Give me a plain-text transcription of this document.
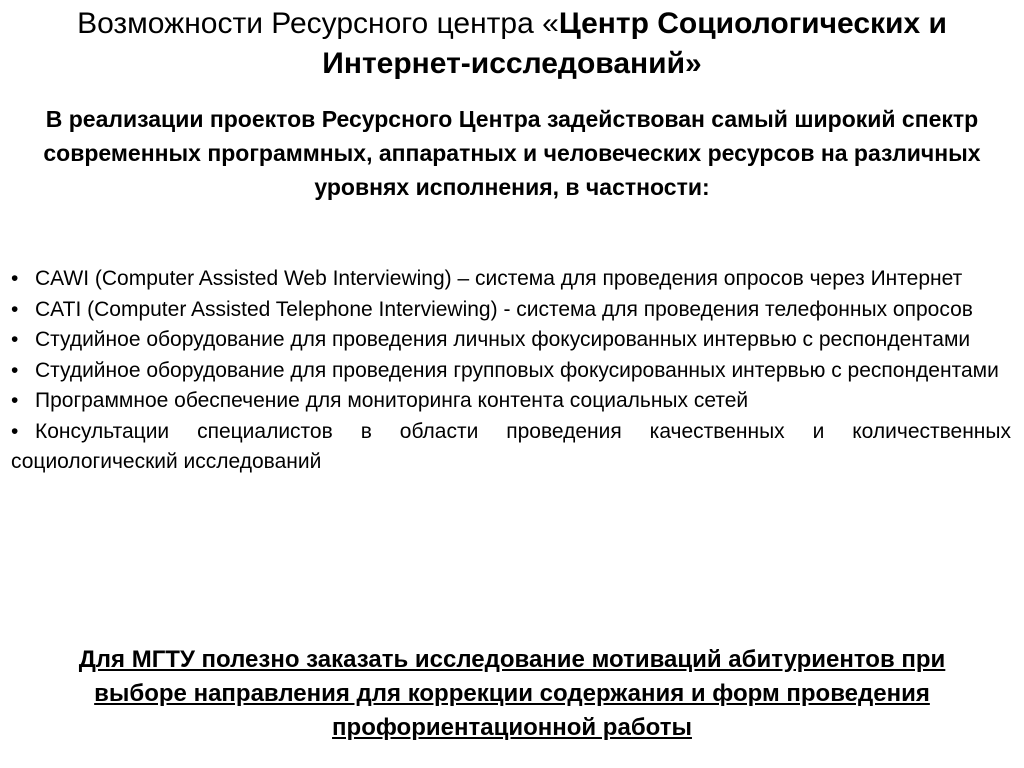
Возможности Ресурсного центра «Центр Социологических и Интернет-исследований»
В реализации проектов Ресурсного Центра задействован самый широкий спектр современных программных, аппаратных и человеческих ресурсов на различных уровнях исполнения, в частности:
• CAWI (Computer Assisted Web Interviewing) – система для проведения опросов через Интернет
• CATI (Computer Assisted Telephone Interviewing) - система для проведения телефонных опросов
• Студийное оборудование для проведения личных фокусированных интервью с респондентами
• Студийное оборудование для проведения групповых фокусированных интервью с респондентами
• Программное обеспечение для мониторинга контента социальных сетей
• Консультации специалистов в области проведения качественных и количественных социологический исследований
Для МГТУ полезно заказать исследование мотиваций абитуриентов при выборе направления для коррекции содержания и форм проведения профориентационной работы
